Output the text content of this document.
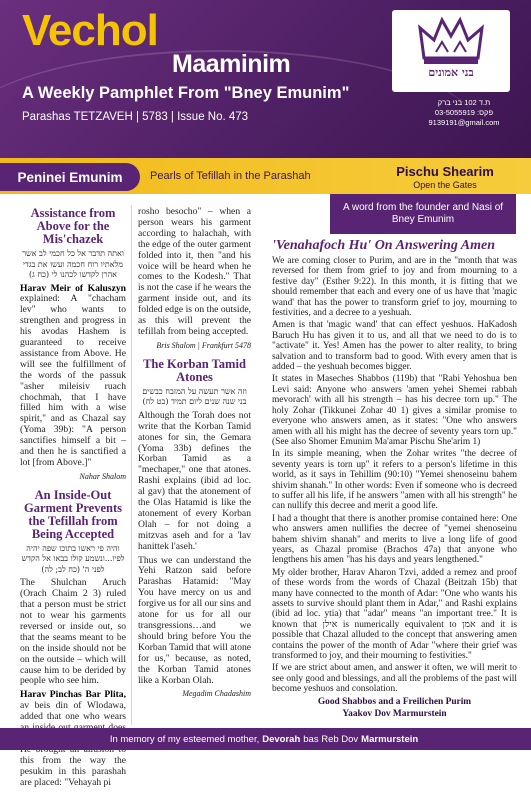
Vechol
Maaminim
A Weekly Pamphlet From "Bney Emunim"
Parashas TETZAVEH | 5783 | Issue No. 473
בני אמונים
ת.ד 102 בני ברק
פקס: 03-5055919
9139191@gmail.com
Peninei Emunim	Pearls of Tefillah in the Parashah	Pischu Shearim
Open the Gates
Assistance from Above for the Mis'chazek
ואתה תדבר אל כל חכמי לב אשר מלאתיו רוח חכמה ועשו את בגדי אהרן לקדשו לכהנו לי (כח ג)
Harav Meir of Kaluszyn explained: A "chacham lev" who wants to strengthen and progress in his avodas Hashem is guaranteed to receive assistance from Above. He will see the fulfillment of the words of the passuk "asher mileisiv ruach chochmah, that I have filled him with a wise spirit," and as Chazal say (Yoma 39b): "A person sanctifies himself a bit – and then he is sanctified a lot [from Above.]"
Nahar Shalom
An Inside-Out Garment Prevents the Tefillah from Being Accepted
והיה פי ראשו בתוכו שפה יהיה לפיו...ונשמע קולו בבאו אל הקדש לפני ה' (כח לב; לה)
The Shulchan Aruch (Orach Chaim 2 3) ruled that a person must be strict not to wear his garments reversed or inside out, so that the seams meant to be on the inside should not be on the outside – which will cause him to be derided by people who see him.
Harav Pinchas Bar Plita, av beis din of Wlodawa, added that one who wears this from the way the pesukim in this parashah are placed: "Vehayah pi
rosho besocho" – when a person wears his garment according to halachah, with the edge of the outer garment folded into it, then "and his voice will be heard when he comes to the Kodesh." That is not the case if he wears the garment inside out, and its folded edge is on the outside, as this will prevent the tefillah from being accepted.
Bris Shalom | Frankfurt 5478
The Korban Tamid Atones
וזה אשר תעשה על המזבח כבשים בני שנה שנים ליום תמיד (כט לח)
Although the Torah does not write that the Korban Tamid atones for sin, the Gemara (Yoma 33b) defines the Korban Tamid as a "mechaper," one that atones. Rashi explains (ibid ad loc. al gav) that the atonement of the Olas Hatamid is like the atonement of every Korban Olah – for not doing a mitzvas aseh and for a 'lav hanittek l'aseh.'
Thus we can understand the Yehi Ratzon said before Parashas Hatamid: "May You have mercy on us and forgive us for all our sins and atone for us for all our transgressions…and we should bring before You the Korban Tamid that will atone for us," because, as noted, the Korban Tamid atones like a Korban Olah.
Megadim Chadashim
A word from the founder and Nasi of Bney Emunim
'Venahafoch Hu' On Answering Amen

We are coming closer to Purim, and are in the "month that was reversed for them from grief to joy and from mourning to a festive day" (Esther 9:22). In this month, it is fitting that we should remember that each and every one of us have that 'magic wand' that has the power to transform grief to joy, mourning to festivities, and a decree to a yeshuah.

Amen is that 'magic wand' that can effect yeshuos. HaKadosh Baruch Hu has given it to us, and all that we need to do is to "activate" it. Yes! Amen has the power to alter reality, to bring salvation and to transform bad to good. With every amen that is added – the yeshuah becomes bigger.

It states in Maseches Shabbos (119b) that "Rabi Yehoshua ben Levi said: Anyone who answers 'amen yehei Shemei rabbah mevorach' with all his strength – has his decree torn up." The holy Zohar (Tikkunei Zohar 40 1) gives a similar promise to everyone who answers amen, as it states: "One who answers amen with all his might has the decree of seventy years torn up." (See also Shomer Emunim Ma'amar Pischu She'arim 1)

In its simple meaning, when the Zohar writes "the decree of seventy years is torn up" it refers to a person's lifetime in this world, as it says in Tehillim (90:10) "Yemei shenoseinu bahem shivim shanah." In other words: Even if someone who is decreed to suffer all his life, if he answers "amen with all his strength" he can nullify this decree and merit a good life.

I had a thought that there is another promise contained here: One who answers amen nullifies the decree of "yemei shenoseinu bahem shivim shanah" and merits to live a long life of good years, as Chazal promise (Brachos 47a) that anyone who lengthens his amen "has his days and years lengthened."

My older brother, Harav Aharon Tzvi, added a remez and proof of these words from the words of Chazal (Beitzah 15b) that many have connected to the month of Adar: "One who wants his assets to survive should plant them in Adar," and Rashi explains (ibid ad loc. ytia) that "adar" means "an important tree." It is known that אילן is numerically equivalent to אמן and it is possible that Chazal alluded to the concept that answering amen contains the power of the month of Adar "where their grief was transformed to joy, and their mourning to festivities."

If we are strict about amen, and answer it often, we will merit to see only good and blessings, and all the problems of the past will become yeshuos and consolation.

Good Shabbos and a Freilichen Purim
Yaakov Dov Marmurstein
In memory of my esteemed mother, Devorah bas Reb Dov Marmurstein
